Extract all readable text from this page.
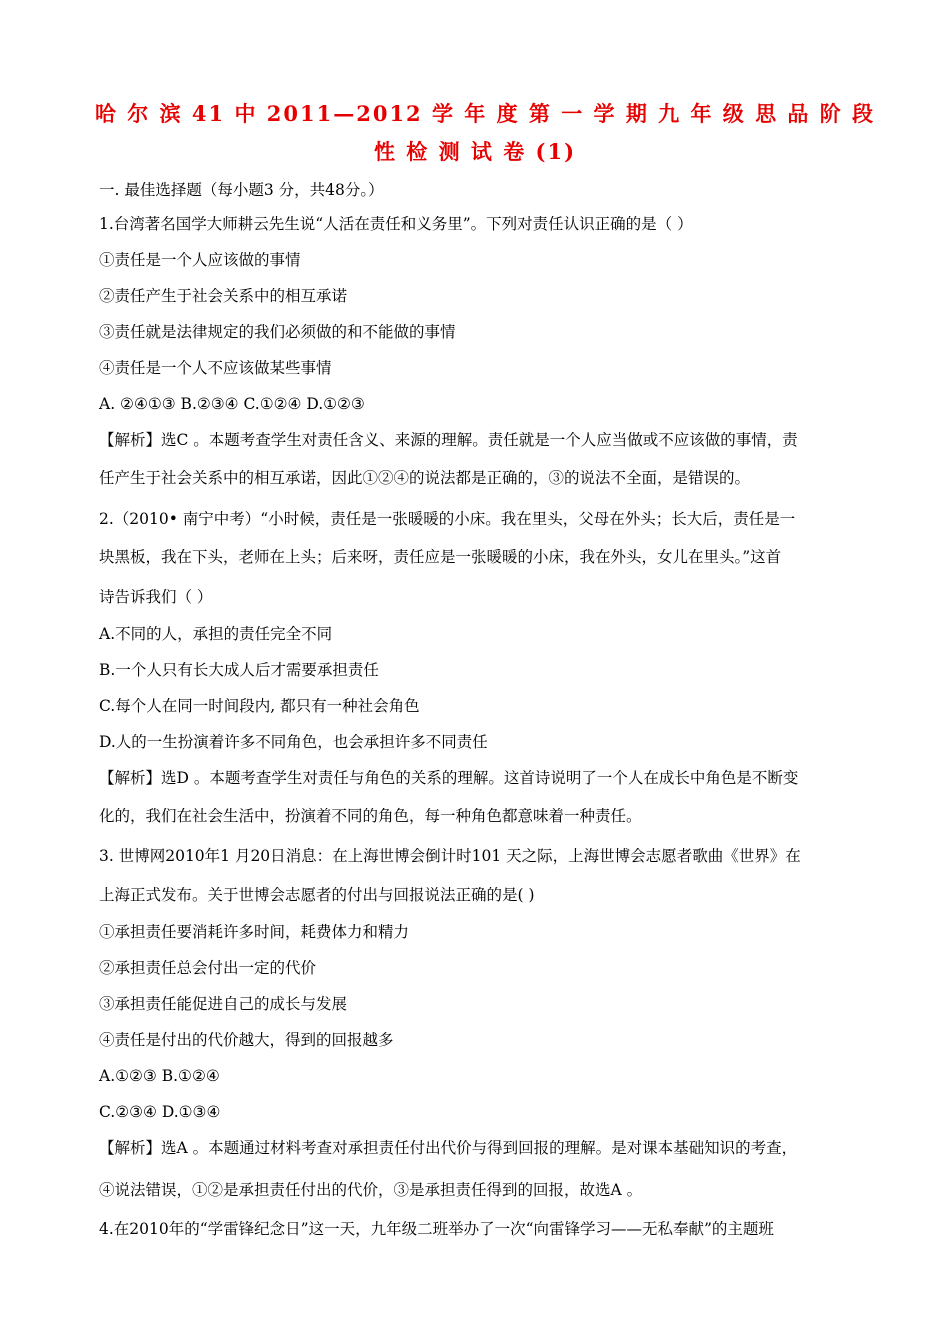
哈 尔 滨 41 中 2011—2012 学 年 度 第 一 学 期 九 年 级 思 品 阶 段
性 检 测 试 卷 (1)
一. 最佳选择题（每小题3 分，共48分。）
1.台湾著名国学大师耕云先生说“人活在责任和义务里”。下列对责任认识正确的是（ ）
①责任是一个人应该做的事情
②责任产生于社会关系中的相互承诺
③责任就是法律规定的我们必须做的和不能做的事情
④责任是一个人不应该做某些事情
A. ②④①③ B.②③④ C.①②④ D.①②③
【解析】选C 。本题考查学生对责任含义、来源的理解。责任就是一个人应当做或不应该做的事情，责
任产生于社会关系中的相互承诺，因此①②④的说法都是正确的，③的说法不全面，是错误的。
2.（2010• 南宁中考）“小时候，责任是一张暖暖的小床。我在里头，父母在外头；长大后，责任是一
块黑板，我在下头，老师在上头；后来呀，责任应是一张暖暖的小床，我在外头，女儿在里头。”这首
诗告诉我们（ ）
A.不同的人，承担的责任完全不同
B.一个人只有长大成人后才需要承担责任
C.每个人在同一时间段内, 都只有一种社会角色
D.人的一生扮演着许多不同角色，也会承担许多不同责任
【解析】选D 。本题考查学生对责任与角色的关系的理解。这首诗说明了一个人在成长中角色是不断变
化的，我们在社会生活中，扮演着不同的角色，每一种角色都意味着一种责任。
3. 世博网2010年1 月20日消息：在上海世博会倒计时101 天之际，上海世博会志愿者歌曲《世界》在
上海正式发布。关于世博会志愿者的付出与回报说法正确的是( )
①承担责任要消耗许多时间，耗费体力和精力
②承担责任总会付出一定的代价
③承担责任能促进自己的成长与发展
④责任是付出的代价越大，得到的回报越多
A.①②③ B.①②④
C.②③④ D.①③④
【解析】选A 。本题通过材料考查对承担责任付出代价与得到回报的理解。是对课本基础知识的考查，
④说法错误，①②是承担责任付出的代价，③是承担责任得到的回报，故选A 。
4.在2010年的“学雷锋纪念日”这一天，九年级二班举办了一次“向雷锋学习——无私奉献”的主题班
